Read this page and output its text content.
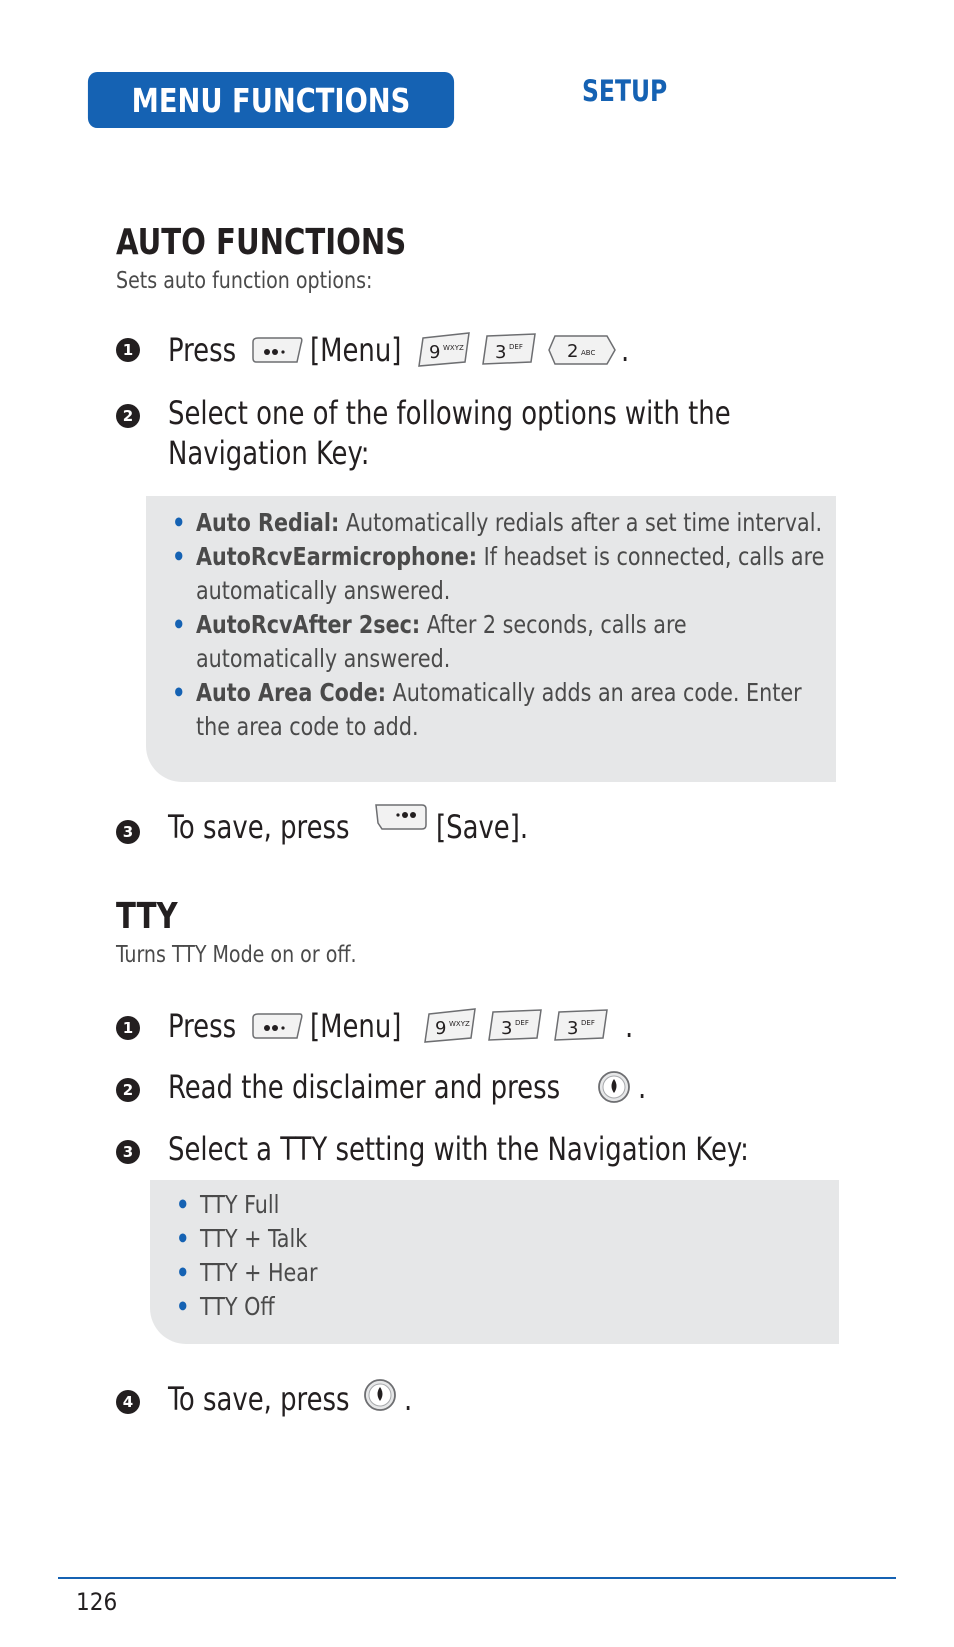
MENU FUNCTIONS	SETUP
AUTO FUNCTIONS
Sets auto function options:
1 Press [Menu] 9 WXYZ 3 DEF 2 ABC .
2 Select one of the following options with the
Navigation Key:
• Auto Redial: Automatically redials after a set time interval.
• AutoRcvEarmicrophone: If headset is connected, calls are
automatically answered.
• AutoRcvAfter 2sec: After 2 seconds, calls are
automatically answered.
• Auto Area Code: Automatically adds an area code. Enter
the area code to add.
3 To save, press	[Save].
TTY
Turns TTY Mode on or off.
1 Press [Menu] 9 WXYZ 3 DEF 3 DEF .
2 Read the disclaimer and press .
3 Select a TTY setting with the Navigation Key:
• TTY Full
• TTY + Talk
• TTY + Hear
• TTY Off
4 To save, press .
126
